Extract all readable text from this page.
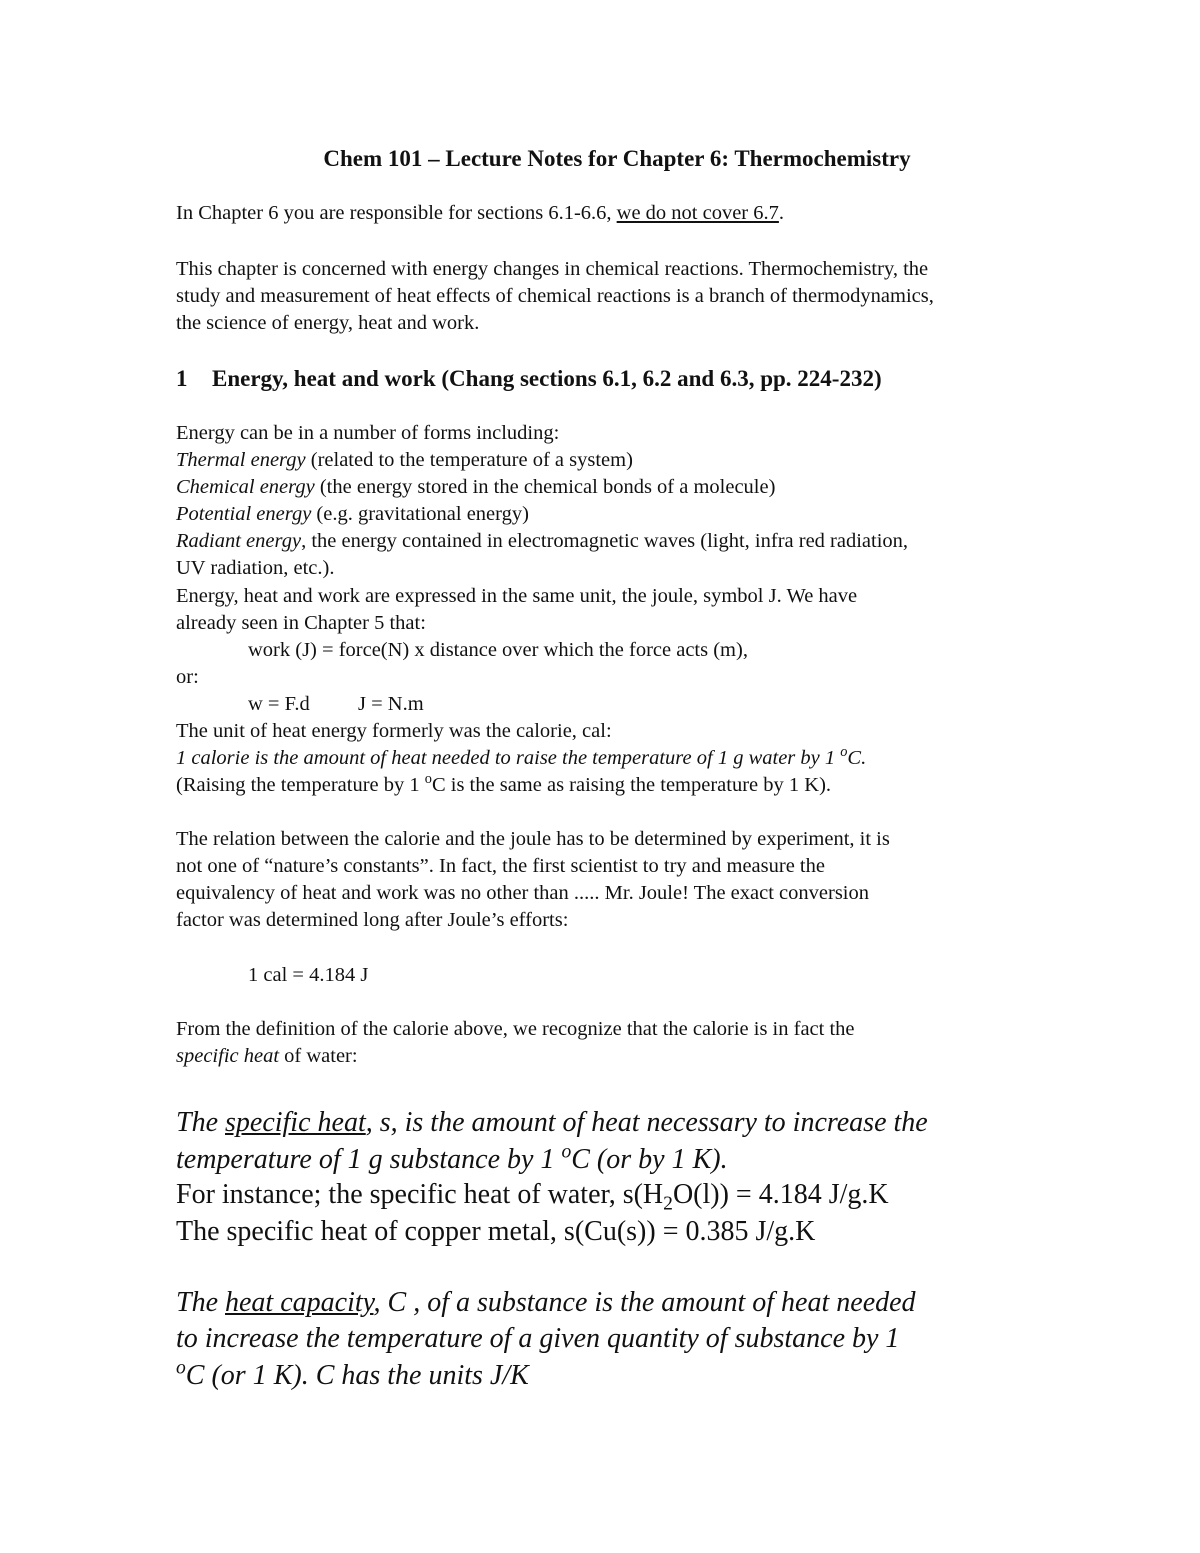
Chem 101 – Lecture Notes for Chapter 6: Thermochemistry
In Chapter 6 you are responsible for sections 6.1-6.6, we do not cover 6.7.
This chapter is concerned with energy changes in chemical reactions. Thermochemistry, the
study and measurement of heat effects of chemical reactions is a branch of thermodynamics,
the science of energy, heat and work.
1 Energy, heat and work (Chang sections 6.1, 6.2 and 6.3, pp. 224-232)
Energy can be in a number of forms including:
Thermal energy (related to the temperature of a system)
Chemical energy (the energy stored in the chemical bonds of a molecule)
Potential energy (e.g. gravitational energy)
Radiant energy, the energy contained in electromagnetic waves (light, infra red radiation,
UV radiation, etc.).
Energy, heat and work are expressed in the same unit, the joule, symbol J. We have
already seen in Chapter 5 that:
work (J) = force(N) x distance over which the force acts (m),
or:
w = F.d J = N.m
The unit of heat energy formerly was the calorie, cal:
1 calorie is the amount of heat needed to raise the temperature of 1 g water by 1 $^o$C.
(Raising the temperature by 1 $^o$C is the same as raising the temperature by 1 K).
The relation between the calorie and the joule has to be determined by experiment, it is
not one of “nature’s constants”. In fact, the first scientist to try and measure the
equivalency of heat and work was no other than ..... Mr. Joule! The exact conversion
factor was determined long after Joule’s efforts:
1 cal = 4.184 J
From the definition of the calorie above, we recognize that the calorie is in fact the
specific heat of water:
The specific heat, s, is the amount of heat necessary to increase the
temperature of 1 g substance by 1 $^o$C (or by 1 K).
For instance; the specific heat of water, $s(H_2O(l)) = 4.184$ J/g.K
The specific heat of copper metal, s(Cu(s)) = 0.385 J/g.K
The heat capacity, C , of a substance is the amount of heat needed
to increase the temperature of a given quantity of substance by 1
$^o$C (or 1 K). C has the units J/K
